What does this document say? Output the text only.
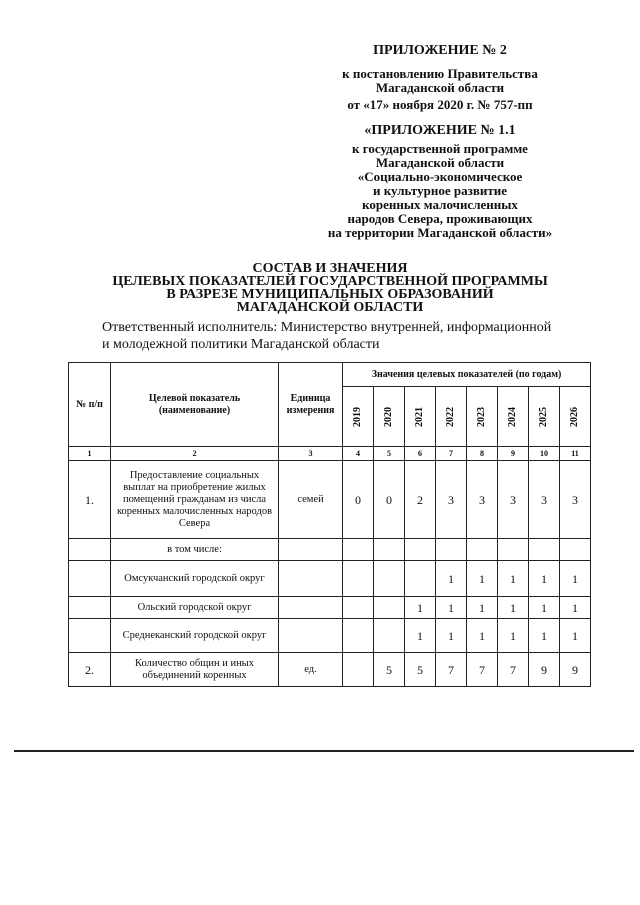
ПРИЛОЖЕНИЕ № 2
к постановлению Правительства
Магаданской области
от «17» ноября 2020 г. № 757-пп
«ПРИЛОЖЕНИЕ № 1.1
к государственной программе
Магаданской области
«Социально-экономическое
и культурное развитие
коренных малочисленных
народов Севера, проживающих
на территории Магаданской области»
СОСТАВ И ЗНАЧЕНИЯ
ЦЕЛЕВЫХ ПОКАЗАТЕЛЕЙ ГОСУДАРСТВЕННОЙ ПРОГРАММЫ
В РАЗРЕЗЕ МУНИЦИПАЛЬНЫХ ОБРАЗОВАНИЙ
МАГАДАНСКОЙ ОБЛАСТИ
Ответственный исполнитель: Министерство внутренней, информационной
и молодежной политики Магаданской области
№ п/п	Целевой показатель (наименование)	Единица измерения	Значения целевых показателей (по годам)							
			2019	2020	2021	2022	2023	2024	2025	2026
1	2	3	4	5	6	7	8	9	10	11
1.	Предоставление социальных выплат на приобретение жилых помещений гражданам из числа коренных малочисленных народов Севера	семей	0	0	2	3	3	3	3	3
	в том числе:									
	Омсукчанский городской округ					1	1	1	1	1
	Ольский городской округ				1	1	1	1	1	1
	Среднеканский городской округ				1	1	1	1	1	1
2.	Количество общин и иных объединений коренных	ед.		5	5	7	7	7	9	9
